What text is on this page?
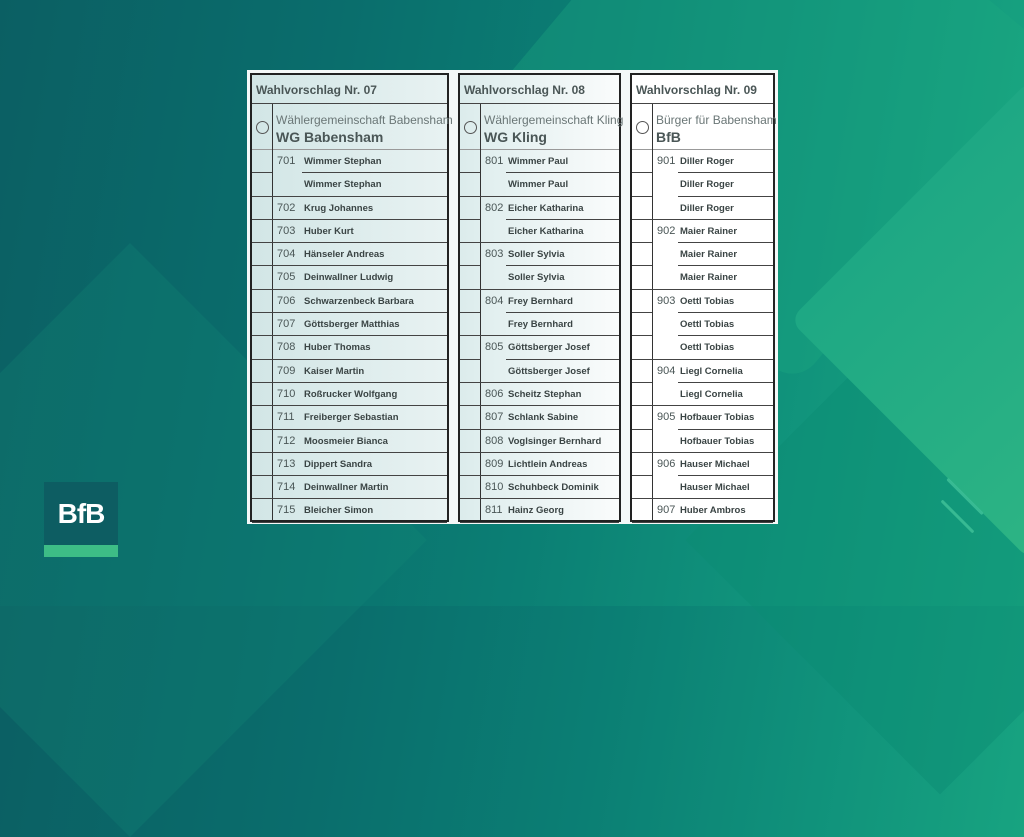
Wahlvorschlag Nr. 07
Wählergemeinschaft Babensham
WG Babensham
701 Wimmer Stephan
Wimmer Stephan
702 Krug Johannes
703 Huber Kurt
704 Hänseler Andreas
705 Deinwallner Ludwig
706 Schwarzenbeck Barbara
707 Göttsberger Matthias
708 Huber Thomas
709 Kaiser Martin
710 Roßrucker Wolfgang
711 Freiberger Sebastian
712 Moosmeier Bianca
713 Dippert Sandra
714 Deinwallner Martin
715 Bleicher Simon
Wahlvorschlag Nr. 08
Wählergemeinschaft Kling
WG Kling
801 Wimmer Paul
Wimmer Paul
802 Eicher Katharina
Eicher Katharina
803 Soller Sylvia
Soller Sylvia
804 Frey Bernhard
Frey Bernhard
805 Göttsberger Josef
Göttsberger Josef
806 Scheitz Stephan
807 Schlank Sabine
808 Voglsinger Bernhard
809 Lichtlein Andreas
810 Schuhbeck Dominik
811 Hainz Georg
Wahlvorschlag Nr. 09
Bürger für Babensham
BfB
901 Diller Roger
Diller Roger
Diller Roger
902 Maier Rainer
Maier Rainer
Maier Rainer
903 Oettl Tobias
Oettl Tobias
Oettl Tobias
904 Liegl Cornelia
Liegl Cornelia
905 Hofbauer Tobias
Hofbauer Tobias
906 Hauser Michael
Hauser Michael
907 Huber Ambros
BfB
